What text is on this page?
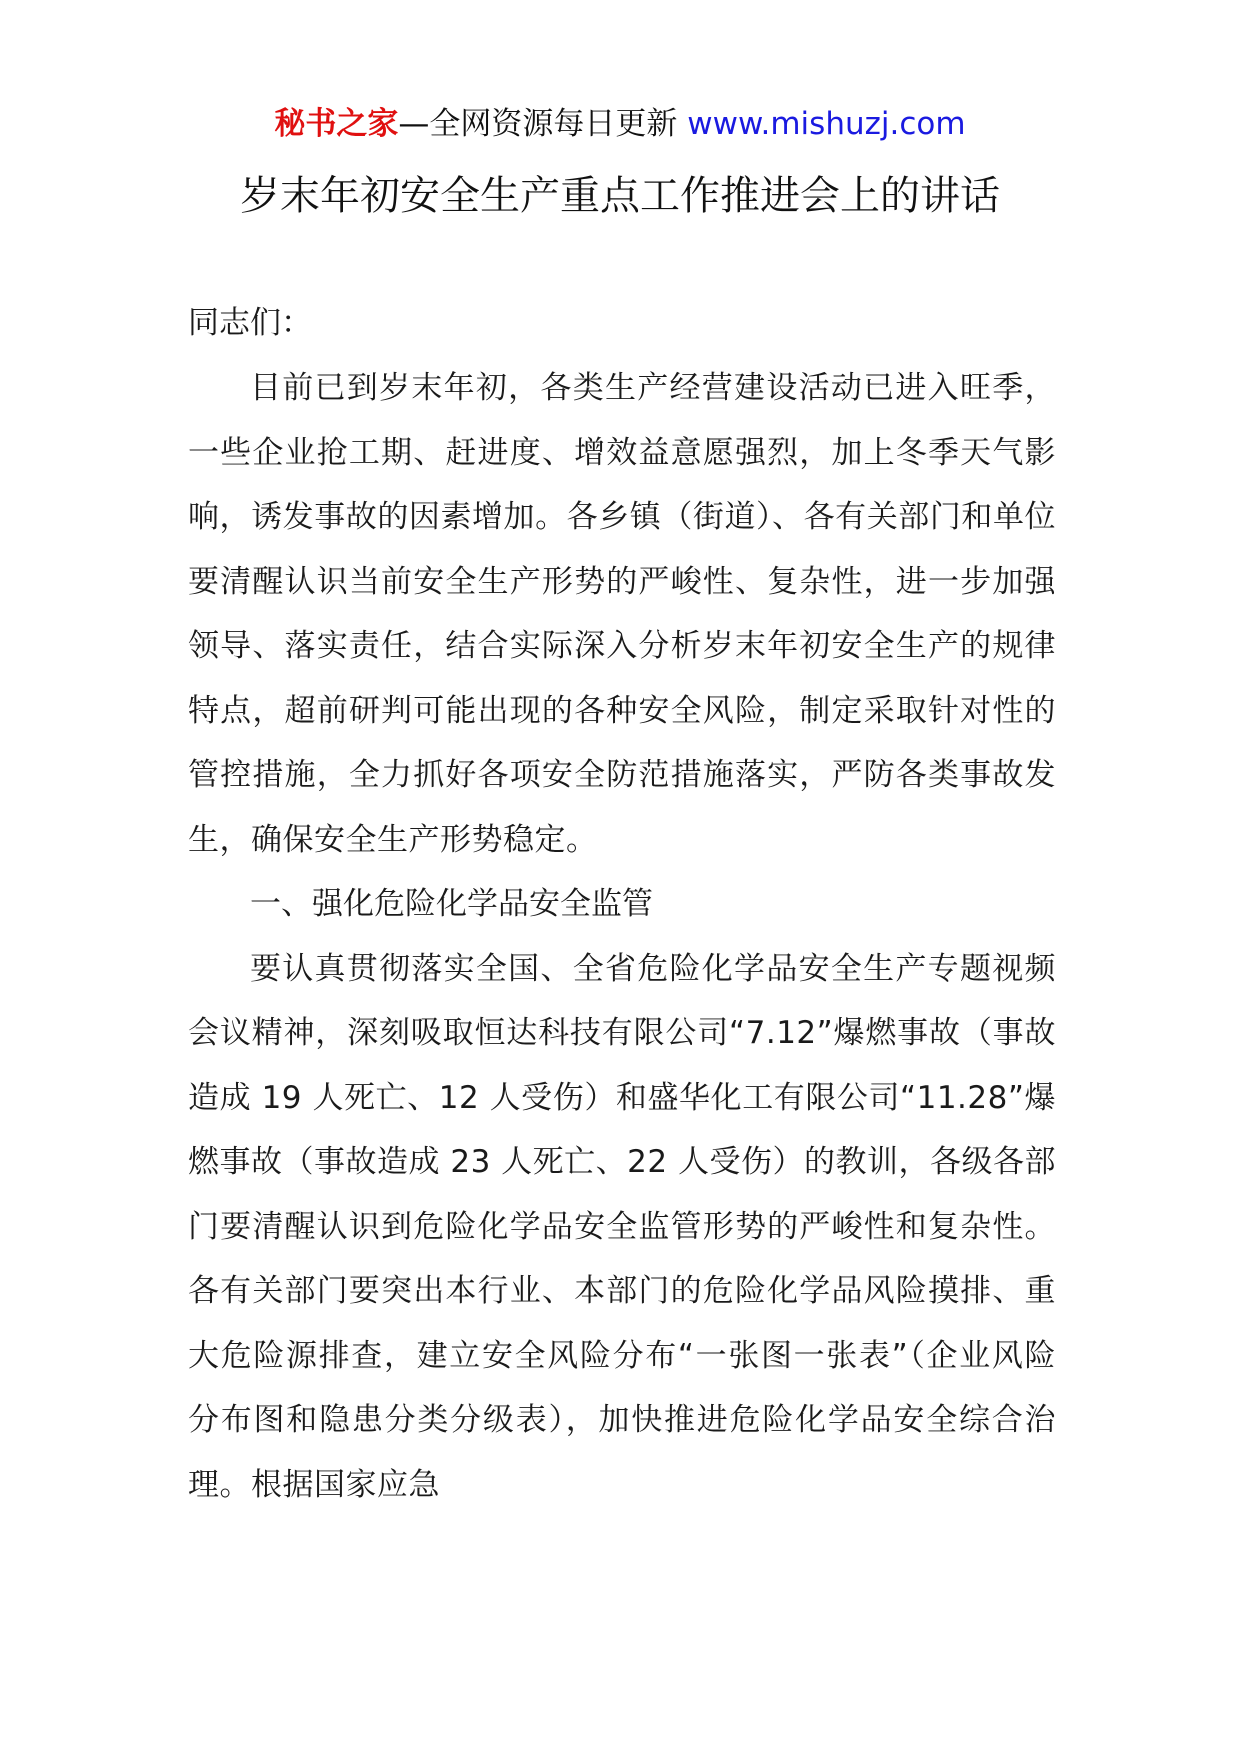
秘书之家—全网资源每日更新 www.mishuzj.com
岁末年初安全生产重点工作推进会上的讲话

同志们：

目前已到岁末年初，各类生产经营建设活动已进入旺季，一些企业抢工期、赶进度、增效益意愿强烈，加上冬季天气影响，诱发事故的因素增加。各乡镇（街道）、各有关部门和单位要清醒认识当前安全生产形势的严峻性、复杂性，进一步加强领导、落实责任，结合实际深入分析岁末年初安全生产的规律特点，超前研判可能出现的各种安全风险，制定采取针对性的管控措施，全力抓好各项安全防范措施落实，严防各类事故发生，确保安全生产形势稳定。

一、强化危险化学品安全监管

要认真贯彻落实全国、全省危险化学品安全生产专题视频会议精神，深刻吸取恒达科技有限公司“7.12”爆燃事故（事故造成 19 人死亡、12 人受伤）和盛华化工有限公司“11.28”爆燃事故（事故造成 23 人死亡、22 人受伤）的教训，各级各部门要清醒认识到危险化学品安全监管形势的严峻性和复杂性。各有关部门要突出本行业、本部门的危险化学品风险摸排、重大危险源排查，建立安全风险分布“一张图一张表”（企业风险分布图和隐患分类分级表），加快推进危险化学品安全综合治理。根据国家应急
